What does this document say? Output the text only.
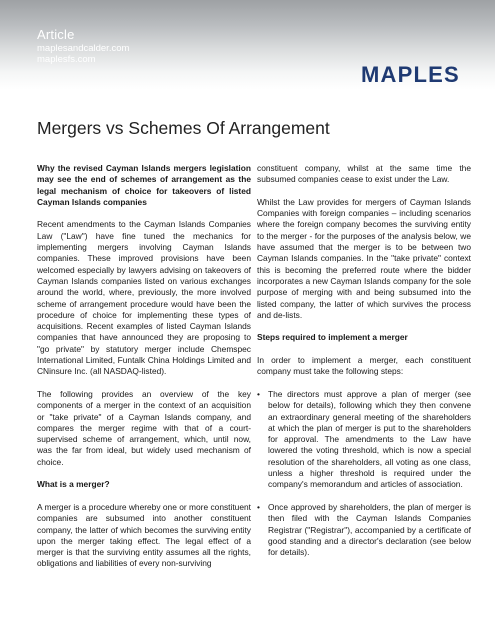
Article
maplesandcalder.com
maplesfs.com
MAPLES
Mergers vs Schemes Of Arrangement

Why the revised Cayman Islands mergers legislation may see the end of schemes of arrangement as the legal mechanism of choice for takeovers of listed Cayman Islands companies

Recent amendments to the Cayman Islands Companies Law ("Law") have fine tuned the mechanics for implementing mergers involving Cayman Islands companies. These improved provisions have been welcomed especially by lawyers advising on takeovers of Cayman Islands companies listed on various exchanges around the world, where, previously, the more involved scheme of arrangement procedure would have been the procedure of choice for implementing these types of acquisitions. Recent examples of listed Cayman Islands companies that have announced they are proposing to "go private" by statutory merger include Chemspec International Limited, Funtalk China Holdings Limited and CNinsure Inc. (all NASDAQ-listed).

The following provides an overview of the key components of a merger in the context of an acquisition or "take private" of a Cayman Islands company, and compares the merger regime with that of a court-supervised scheme of arrangement, which, until now, was the far from ideal, but widely used mechanism of choice.

What is a merger?

A merger is a procedure whereby one or more constituent companies are subsumed into another constituent company, the latter of which becomes the surviving entity upon the merger taking effect. The legal effect of a merger is that the surviving entity assumes all the rights, obligations and liabilities of every non-surviving

constituent company, whilst at the same time the subsumed companies cease to exist under the Law.

Whilst the Law provides for mergers of Cayman Islands Companies with foreign companies – including scenarios where the foreign company becomes the surviving entity to the merger - for the purposes of the analysis below, we have assumed that the merger is to be between two Cayman Islands companies. In the "take private" context this is becoming the preferred route where the bidder incorporates a new Cayman Islands company for the sole purpose of merging with and being subsumed into the listed company, the latter of which survives the process and de-lists.

Steps required to implement a merger

In order to implement a merger, each constituent company must take the following steps:

• The directors must approve a plan of merger (see below for details), following which they then convene an extraordinary general meeting of the shareholders at which the plan of merger is put to the shareholders for approval. The amendments to the Law have lowered the voting threshold, which is now a special resolution of the shareholders, all voting as one class, unless a higher threshold is required under the company's memorandum and articles of association.
• Once approved by shareholders, the plan of merger is then filed with the Cayman Islands Companies Registrar ("Registrar"), accompanied by a certificate of good standing and a director's declaration (see below for details).
